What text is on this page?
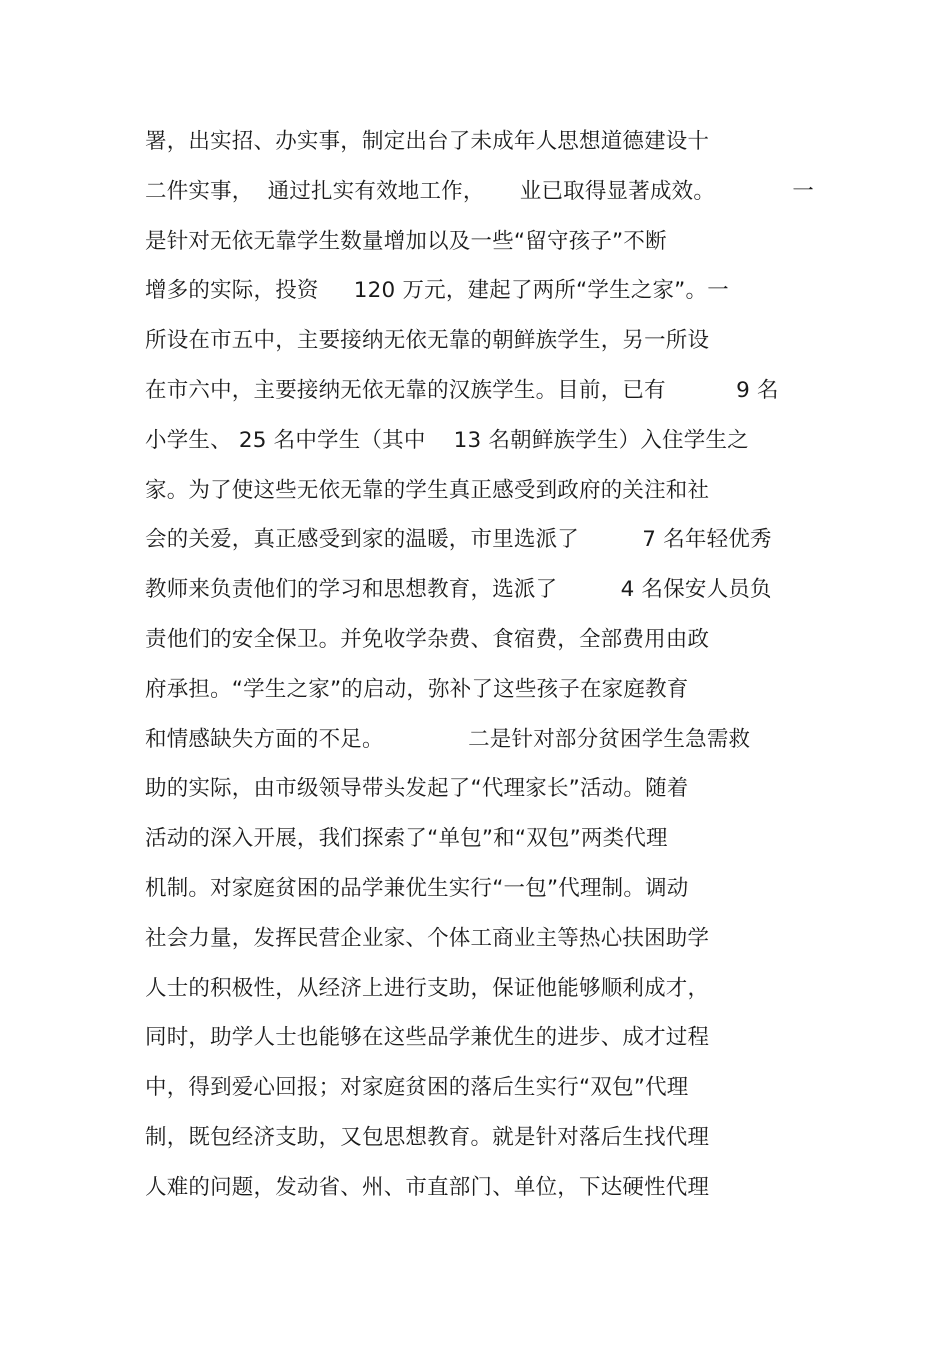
署，出实招、办实事，制定出台了未成年人思想道德建设十
二件实事，  通过扎实有效地工作，     业已取得显著成效。           一
是针对无依无靠学生数量增加以及一些“留守孩子”不断
增多的实际，投资     120 万元，建起了两所“学生之家”。一
所设在市五中，主要接纳无依无靠的朝鲜族学生，另一所设
在市六中，主要接纳无依无靠的汉族学生。目前，已有          9 名
小学生、 25 名中学生（其中    13 名朝鲜族学生）入住学生之
家。为了使这些无依无靠的学生真正感受到政府的关注和社
会的关爱，真正感受到家的温暖，市里选派了         7 名年轻优秀
教师来负责他们的学习和思想教育，选派了         4 名保安人员负
责他们的安全保卫。并免收学杂费、食宿费，全部费用由政
府承担。“学生之家”的启动，弥补了这些孩子在家庭教育
和情感缺失方面的不足。            二是针对部分贫困学生急需救
助的实际，由市级领导带头发起了“代理家长”活动。随着
活动的深入开展，我们探索了“单包”和“双包”两类代理
机制。对家庭贫困的品学兼优生实行“一包”代理制。调动
社会力量，发挥民营企业家、个体工商业主等热心扶困助学
人士的积极性，从经济上进行支助，保证他能够顺利成才，
同时，助学人士也能够在这些品学兼优生的进步、成才过程
中，得到爱心回报；对家庭贫困的落后生实行“双包”代理
制，既包经济支助，又包思想教育。就是针对落后生找代理
人难的问题，发动省、州、市直部门、单位，下达硬性代理
